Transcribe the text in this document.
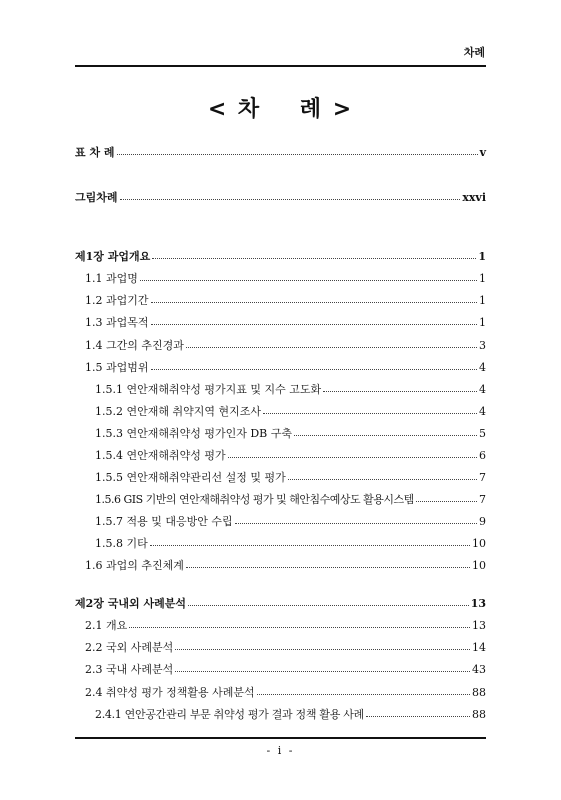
차례
< 차    례 >
표 차 례	v
그림차례	xxvi
제1장 과업개요	1
1.1 과업명	1
1.2 과업기간	1
1.3 과업목적	1
1.4 그간의 추진경과	3
1.5 과업범위	4
1.5.1 연안재해취약성 평가지표 및 지수 고도화	4
1.5.2 연안재해 취약지역 현지조사	4
1.5.3 연안재해취약성 평가인자 DB 구축	5
1.5.4 연안재해취약성 평가	6
1.5.5 연안재해취약관리선 설정 및 평가	7
1.5.6 GIS 기반의 연안재해취약성 평가 및 해안침수예상도 활용시스템	7
1.5.7 적용 및 대응방안 수립	9
1.5.8 기타	10
1.6 과업의 추진체계	10
제2장 국내외 사례분석	13
2.1 개요	13
2.2 국외 사례분석	14
2.3 국내 사례분석	43
2.4 취약성 평가 정책활용 사례분석	88
2.4.1 연안공간관리 부문 취약성 평가 결과 정책 활용 사례	88
- i -
